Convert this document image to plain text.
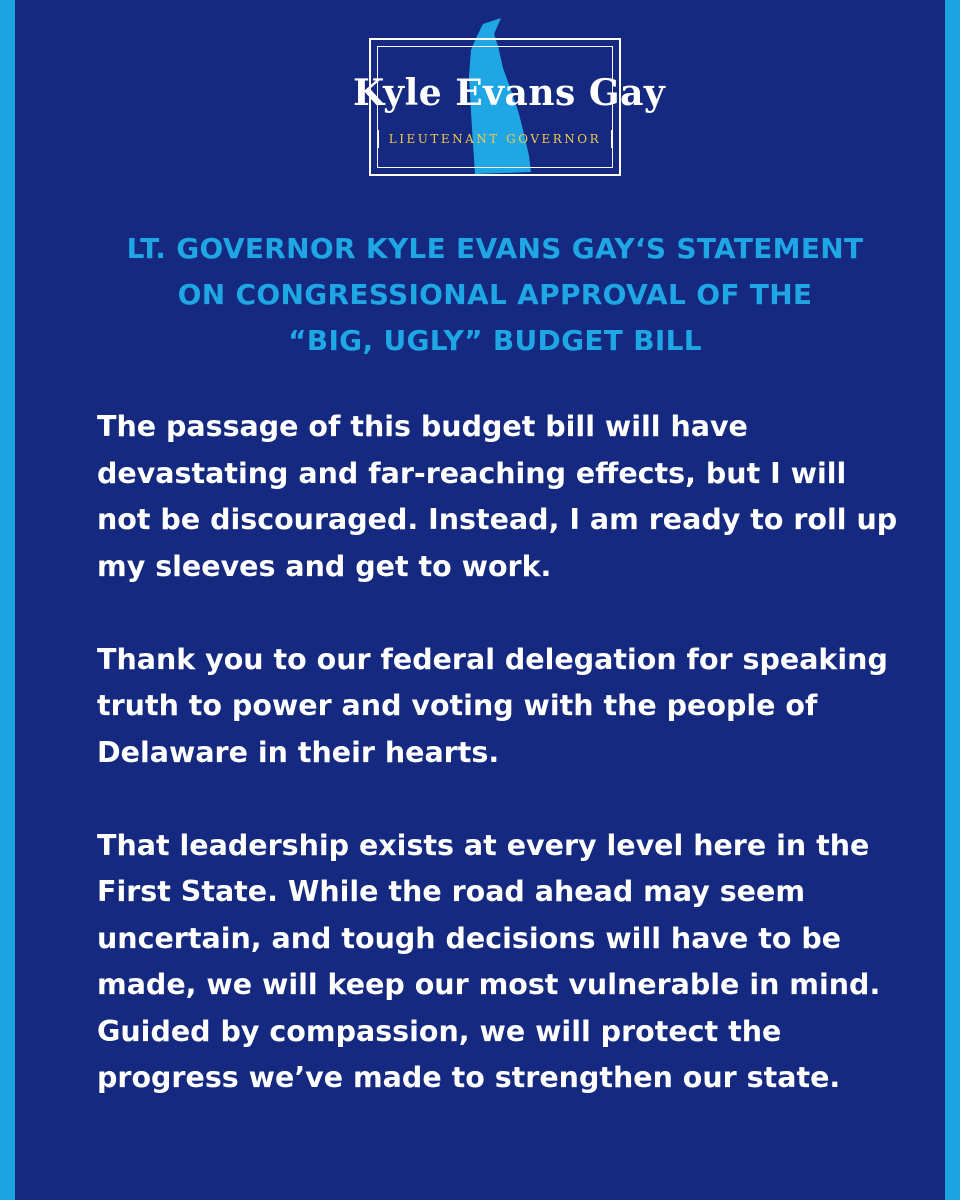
Kyle Evans Gay
LIEUTENANT GOVERNOR
LT. GOVERNOR KYLE EVANS GAY‘S STATEMENT
ON CONGRESSIONAL APPROVAL OF THE
“BIG, UGLY” BUDGET BILL
The passage of this budget bill will have
devastating and far-reaching effects, but I will
not be discouraged. Instead, I am ready to roll up
my sleeves and get to work.
Thank you to our federal delegation for speaking
truth to power and voting with the people of
Delaware in their hearts.
That leadership exists at every level here in the
First State. While the road ahead may seem
uncertain, and tough decisions will have to be
made, we will keep our most vulnerable in mind.
Guided by compassion, we will protect the
progress we’ve made to strengthen our state.
